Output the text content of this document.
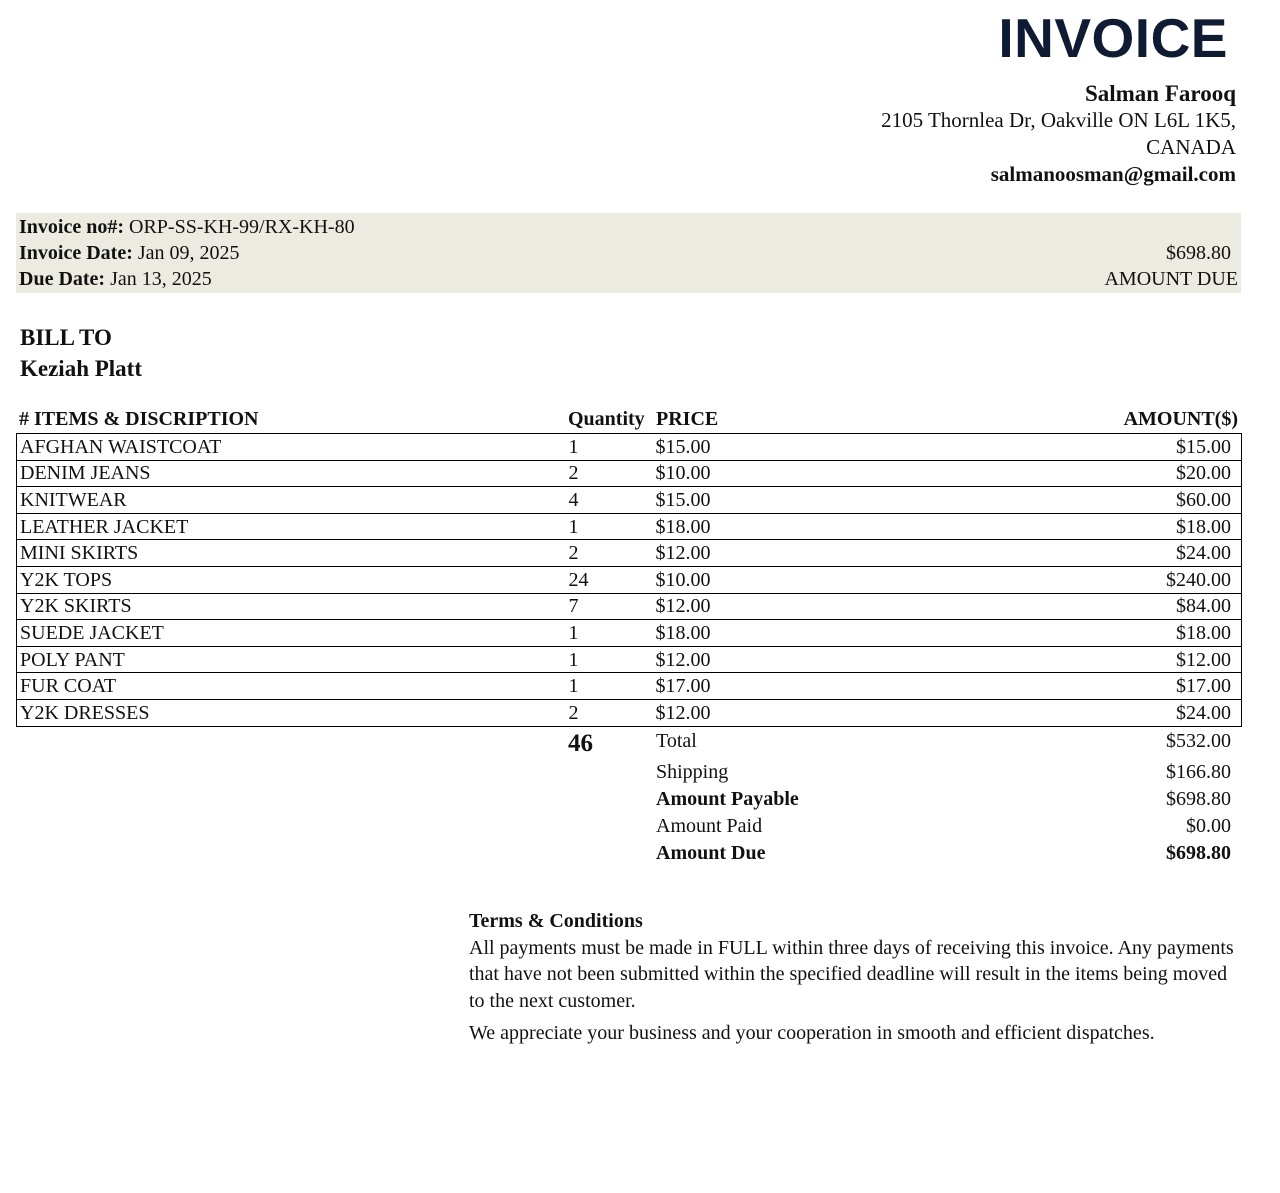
INVOICE
Salman Farooq
2105 Thornlea Dr, Oakville ON L6L 1K5,
CANADA
salmanoosman@gmail.com
Invoice no#: ORP-SS-KH-99/RX-KH-80
Invoice Date: Jan 09, 2025
Due Date: Jan 13, 2025
$698.80
AMOUNT DUE
BILL TO
Keziah Platt
# ITEMS & DISCRIPTION	Quantity PRICE	AMOUNT($)
AFGHAN WAISTCOAT	1	$15.00	$15.00
DENIM JEANS	2	$10.00	$20.00
KNITWEAR	4	$15.00	$60.00
LEATHER JACKET	1	$18.00	$18.00
MINI SKIRTS	2	$12.00	$24.00
Y2K TOPS	24	$10.00	$240.00
Y2K SKIRTS	7	$12.00	$84.00
SUEDE JACKET	1	$18.00	$18.00
POLY PANT	1	$12.00	$12.00
FUR COAT	1	$17.00	$17.00
Y2K DRESSES	2	$12.00	$24.00
46	Total	$532.00
Shipping	$166.80
Amount Payable	$698.80
Amount Paid	$0.00
Amount Due	$698.80
Terms & Conditions

All payments must be made in FULL within three days of receiving this invoice. Any payments that have not been submitted within the specified deadline will result in the items being moved to the next customer.

We appreciate your business and your cooperation in smooth and efficient dispatches.
